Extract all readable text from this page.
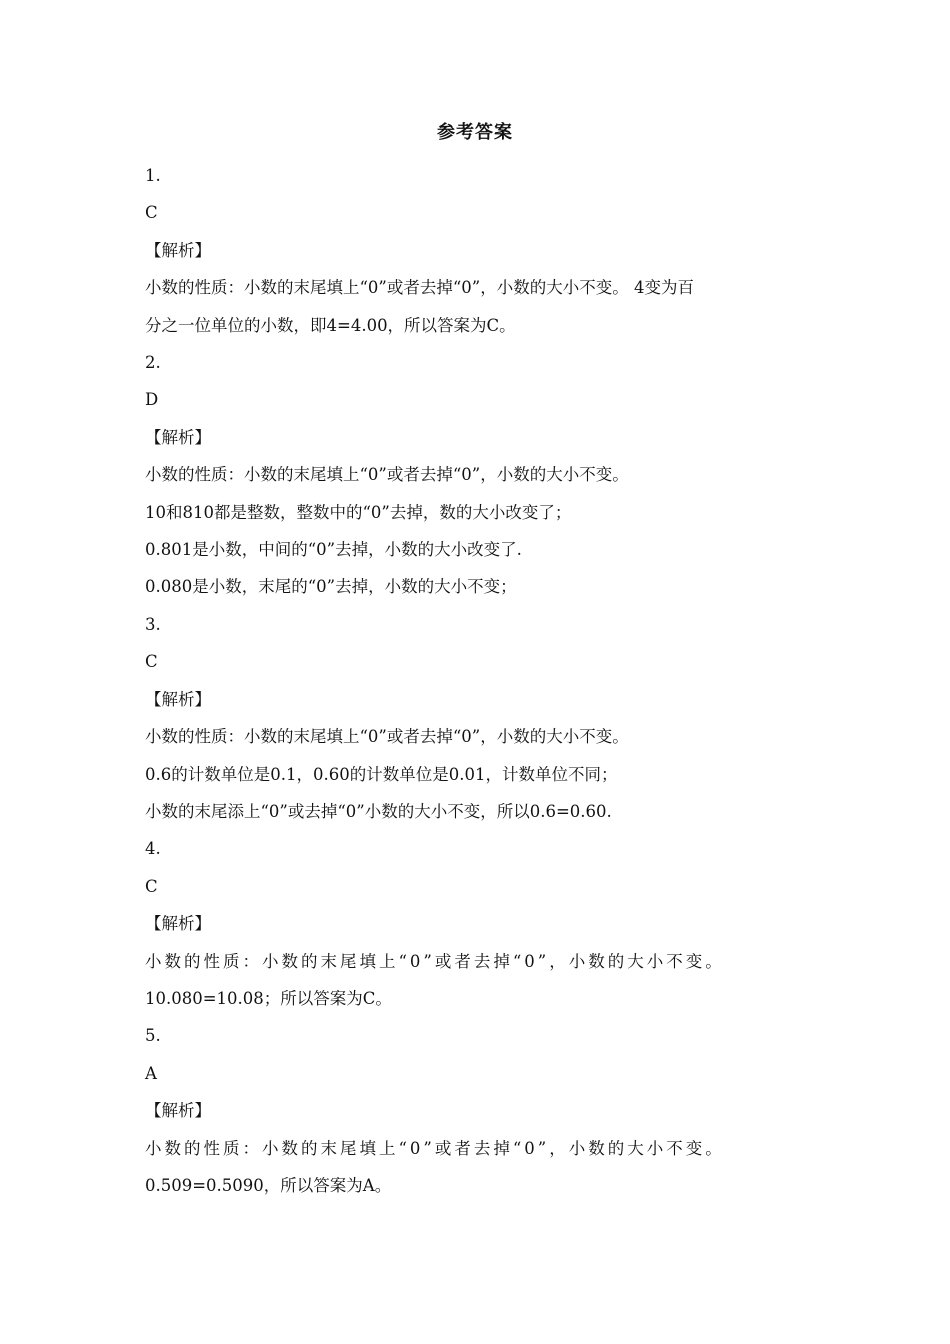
参考答案
1.
C
【解析】
小数的性质：小数的末尾填上“0”或者去掉“0”，小数的大小不变。 4变为百
分之一位单位的小数，即4=4.00，所以答案为C。
2.
D
【解析】
小数的性质：小数的末尾填上“0”或者去掉“0”，小数的大小不变。
10和810都是整数，整数中的“0”去掉，数的大小改变了；
0.801是小数，中间的“0”去掉，小数的大小改变了.
0.080是小数，末尾的“0”去掉，小数的大小不变；
3.
C
【解析】
小数的性质：小数的末尾填上“0”或者去掉“0”，小数的大小不变。
0.6的计数单位是0.1，0.60的计数单位是0.01，计数单位不同；
小数的末尾添上“0”或去掉“0”小数的大小不变，所以0.6=0.60.
4.
C
【解析】
小数的性质：小数的末尾填上“0”或者去掉“0”，小数的大小不变。
10.080=10.08；所以答案为C。
5.
A
【解析】
小数的性质：小数的末尾填上“0”或者去掉“0”，小数的大小不变。
0.509=0.5090，所以答案为A。
